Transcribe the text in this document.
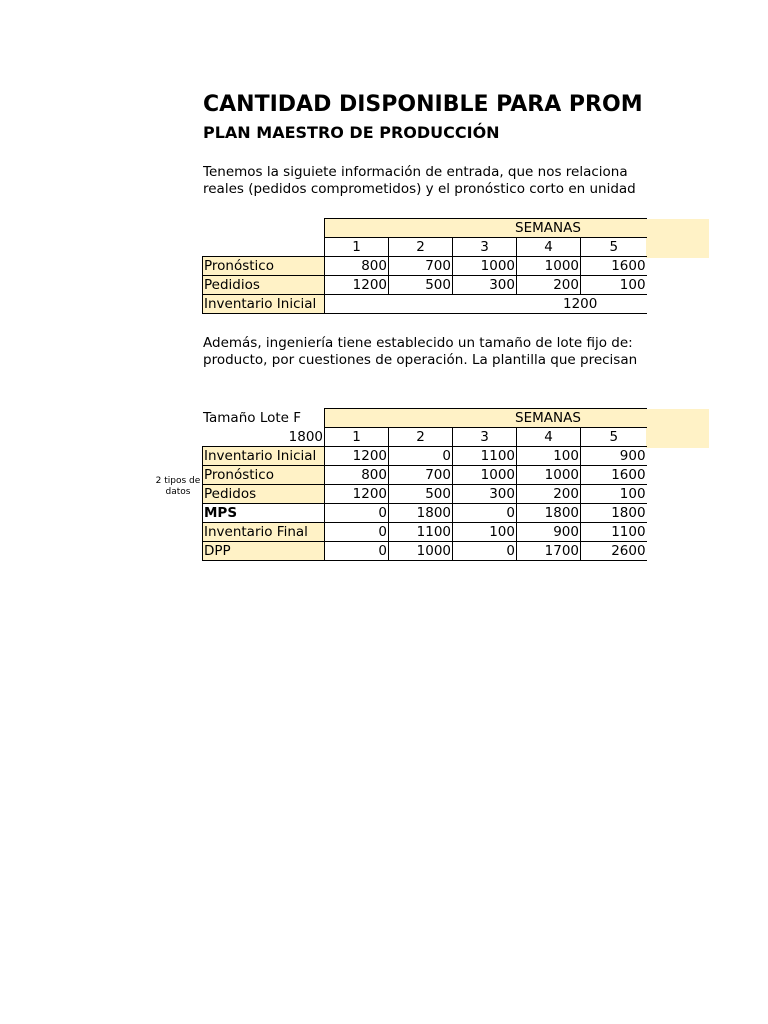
CANTIDAD DISPONIBLE PARA PROM
PLAN MAESTRO DE PRODUCCIÓN
Tenemos la siguiete información de entrada, que nos relaciona
reales (pedidos comprometidos) y el pronóstico corto en unidad
	SEMANAS				
	1	2	3	4	5
Pronóstico	800	700	1000	1000	1600
Pedidios	1200	500	300	200	100
Inventario Inicial	1200				
Además, ingeniería tiene establecido un tamaño de lote fijo de:
producto, por cuestiones de operación. La plantilla que precisan
Tamaño Lote F
2 tipos de datos
	SEMANAS				
1800	1	2	3	4	5
Inventario Inicial	1200	0	1100	100	900
Pronóstico	800	700	1000	1000	1600
Pedidos	1200	500	300	200	100
MPS	0	1800	0	1800	1800
Inventario Final	0	1100	100	900	1100
DPP	0	1000	0	1700	2600
